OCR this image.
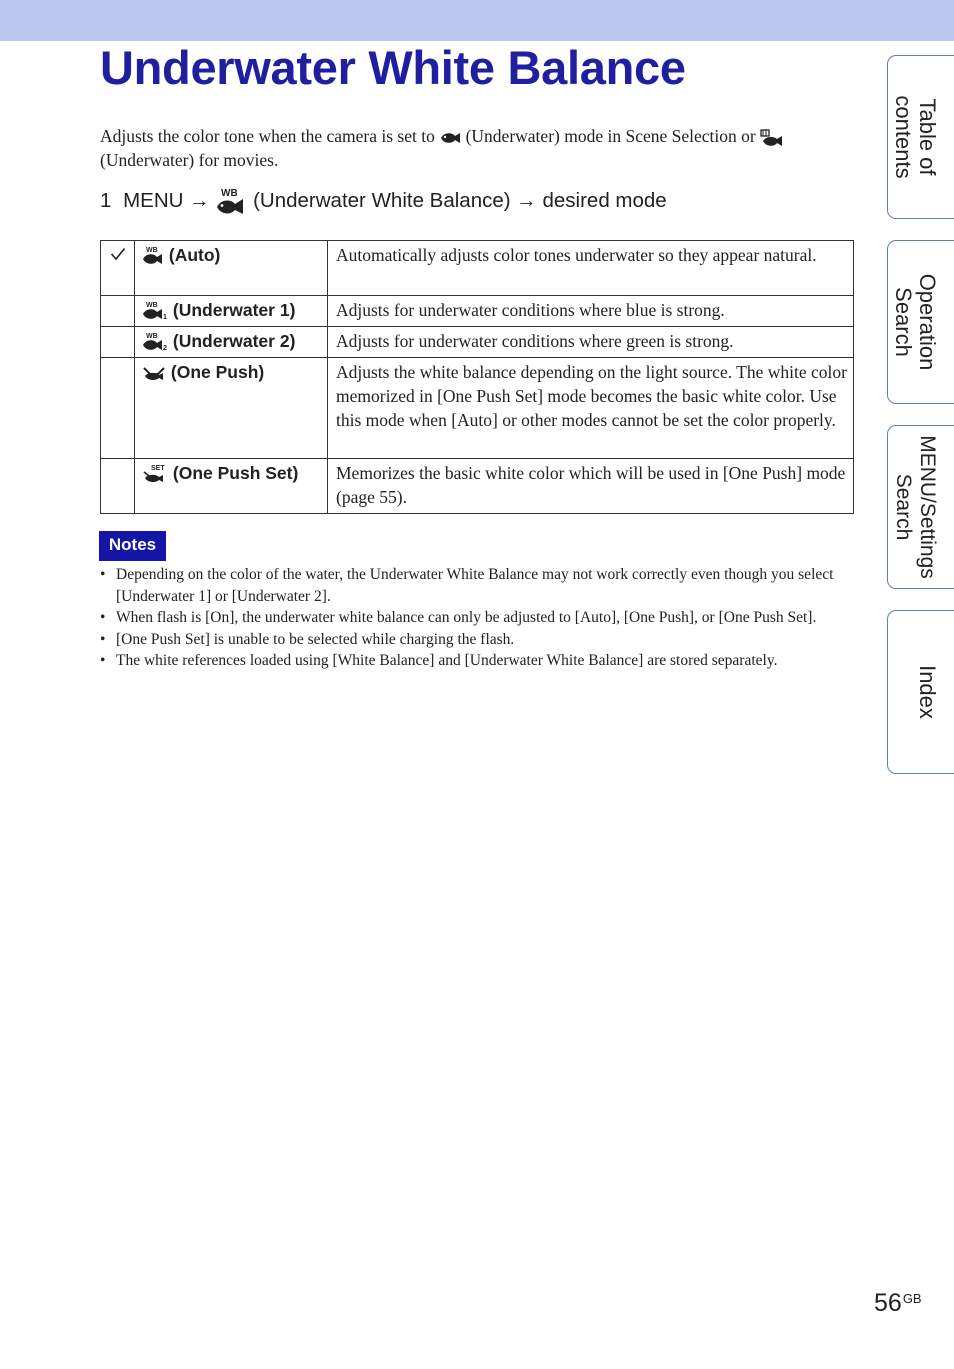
Underwater White Balance
Adjusts the color tone when the camera is set to (Underwater) mode in Scene Selection or  (Underwater) for movies.
1 MENU → WB (Underwater White Balance) → desired mode

WB (Auto)	Automatically adjusts color tones underwater so they appear natural.

WB
1 (Underwater 1)	Adjusts for underwater conditions where blue is strong.

WB
2 (Underwater 2)	Adjusts for underwater conditions where green is strong.
	(One Push)	Adjusts the white balance depending on the light source. The white color memorized in [One Push Set] mode becomes the basic white color. Use this mode when [Auto] or other modes cannot be set the color properly.

SET (One Push Set)	Memorizes the basic white color which will be used in [One Push] mode (page 55).
Notes
• Depending on the color of the water, the Underwater White Balance may not work correctly even though you select [Underwater 1] or [Underwater 2].
• When flash is [On], the underwater white balance can only be adjusted to [Auto], [One Push], or [One Push Set].
• [One Push Set] is unable to be selected while charging the flash.
• The white references loaded using [White Balance] and [Underwater White Balance] are stored separately.
Table of contents
Operation Search
MENU/Settings Search
Index
$56^{GB}$
